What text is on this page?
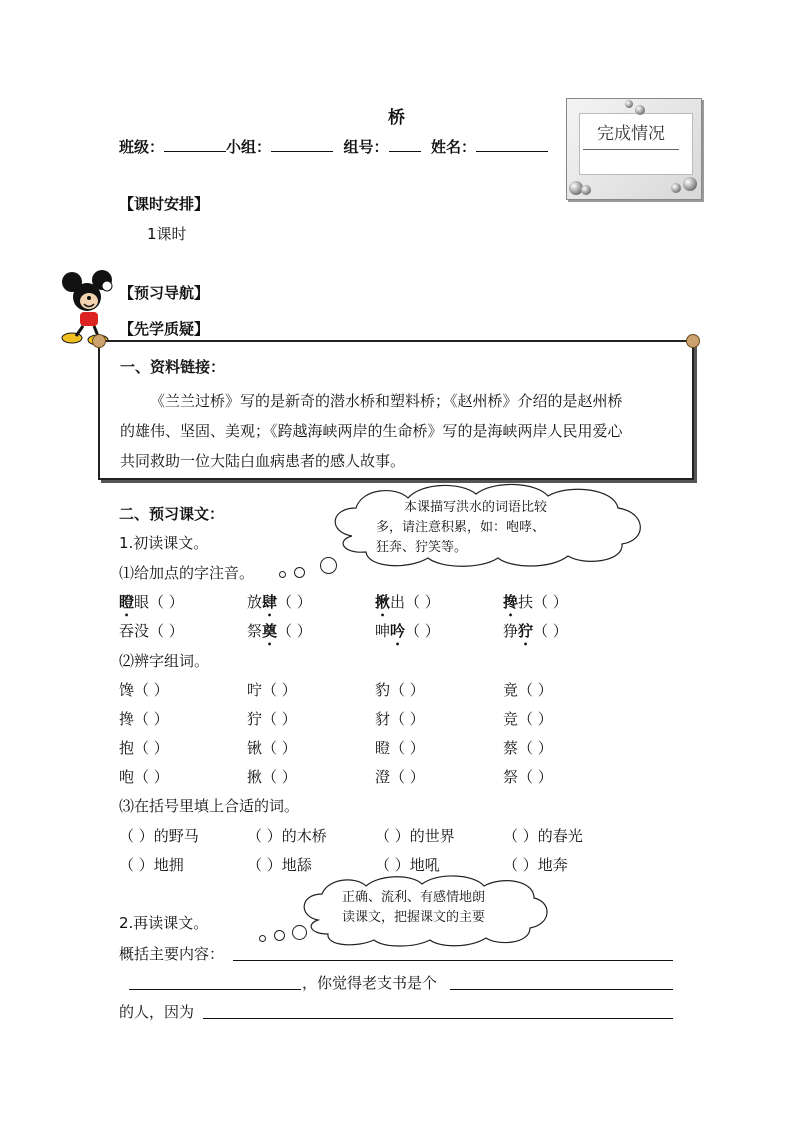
桥
班级：	小组：	组号：	姓名：
完成情况
【课时安排】
1课时
【预习导航】
【先学质疑】
一、资料链接：
《兰兰过桥》写的是新奇的潜水桥和塑料桥；《赵州桥》介绍的是赵州桥
的雄伟、坚固、美观；《跨越海峡两岸的生命桥》写的是海峡两岸人民用爱心
共同救助一位大陆白血病患者的感人故事。
本课描写洪水的词语比较
多，请注意积累，如：咆哮、
狂奔、狞笑等。
二、预习课文：
1.初读课文。
⑴给加点的字注音。
瞪眼（ ）	放肆（ ）	揪出（ ）	搀扶（ ）
吞没（ ）	祭奠（ ）	呻吟（ ）	狰狞（ ）
⑵辨字组词。
馋（ ）	咛（ ）	豹（ ）	竟（ ）
搀（ ）	狞（ ）	豺（ ）	竞（ ）
抱（ ）	锹（ ）	瞪（ ）	蔡（ ）
咆（ ）	揪（ ）	澄（ ）	祭（ ）
⑶在括号里填上合适的词。
（ ）的野马	（ ）的木桥	（ ）的世界	（ ）的春光
（ ）地拥	（ ）地舔	（ ）地吼	（ ）地奔
正确、流利、有感情地朗
读课文，把握课文的主要
2.再读课文。
概括主要内容：
，你觉得老支书是个
的人，因为
